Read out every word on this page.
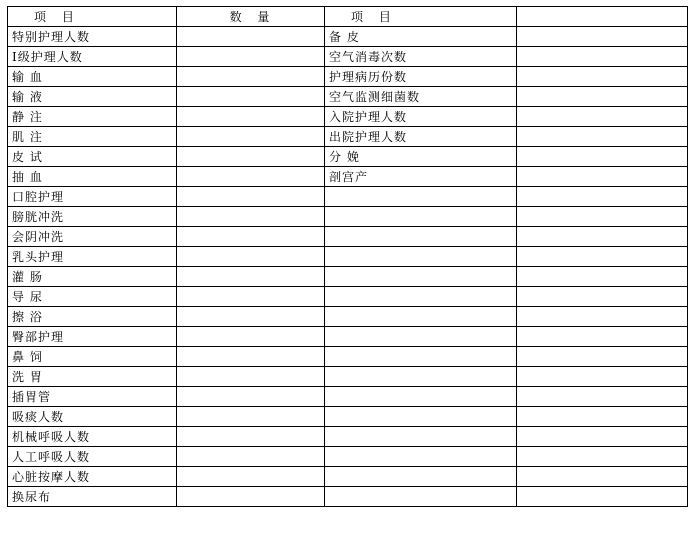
项 目	数 量	项 目	
特别护理人数		备 皮	
Ⅰ级护理人数		空气消毒次数	
输 血		护理病历份数	
输 液		空气监测细菌数	
静 注		入院护理人数	
肌 注		出院护理人数	
皮 试		分 娩	
抽 血		剖宫产	
口腔护理			
膀胱冲洗			
会阴冲洗			
乳头护理			
灌 肠			
导 尿			
擦 浴			
臀部护理			
鼻 饲			
洗 胃			
插胃管			
吸痰人数			
机械呼吸人数			
人工呼吸人数			
心脏按摩人数			
换尿布			
